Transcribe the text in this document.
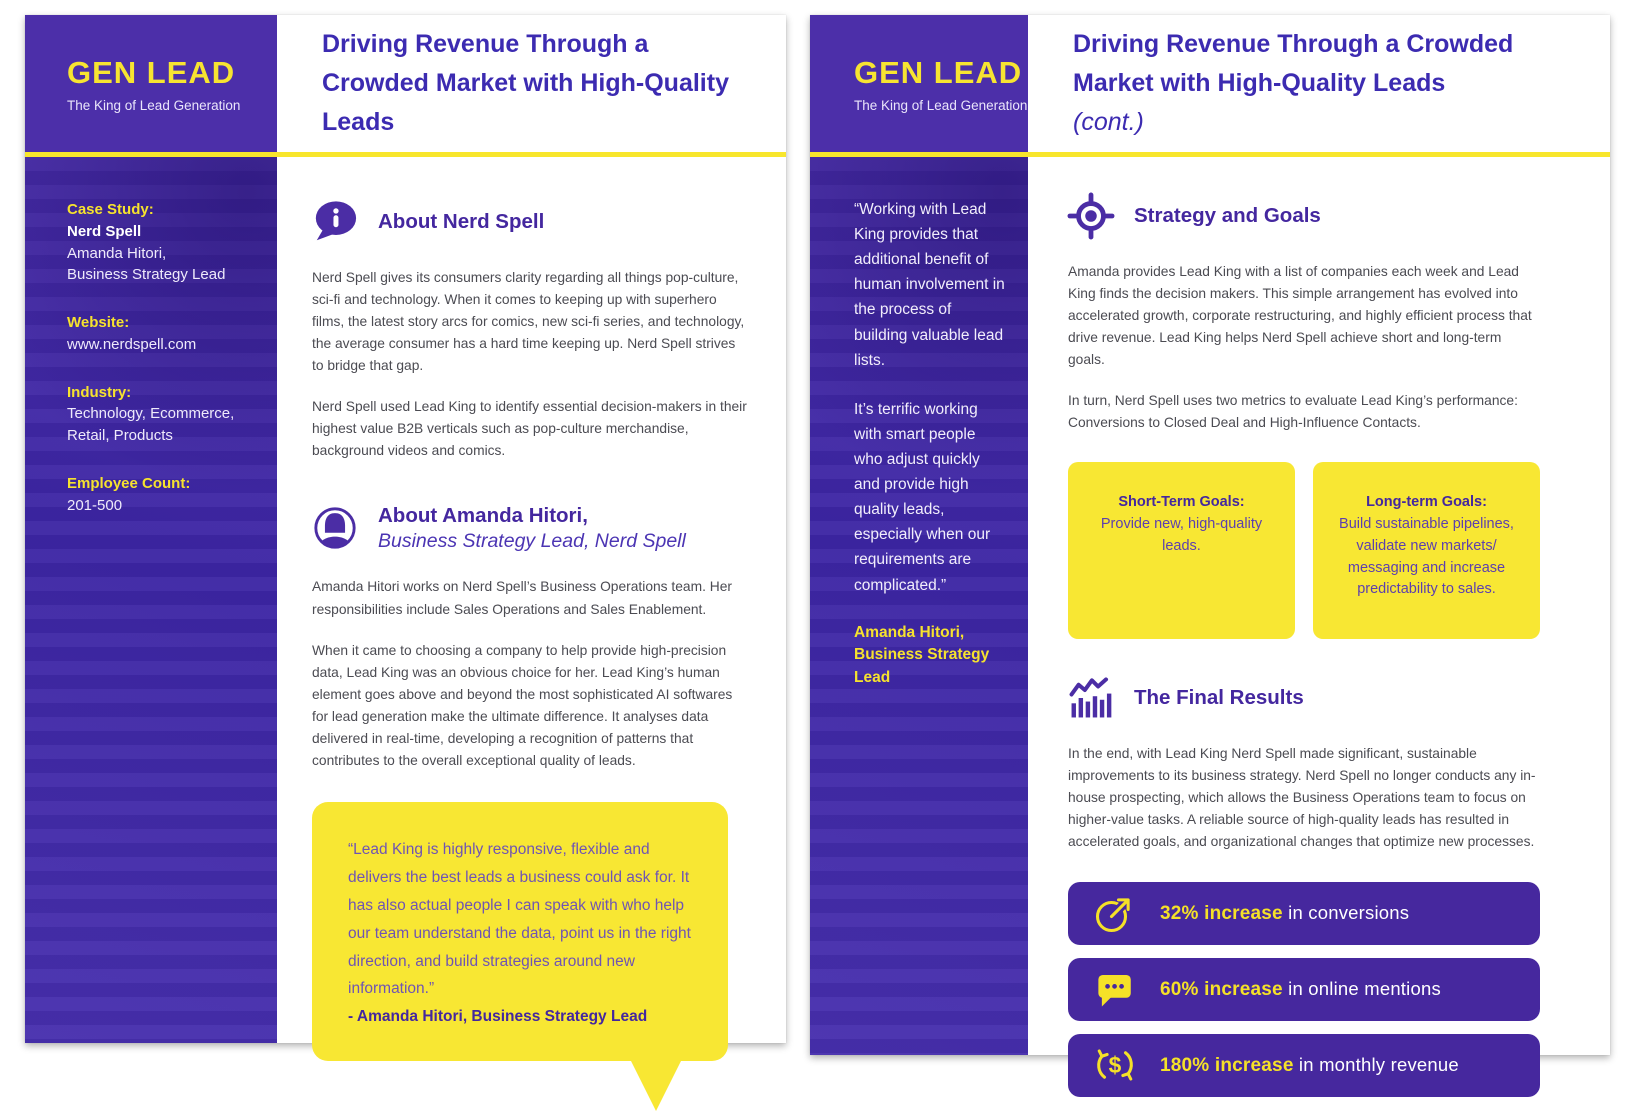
GEN LEAD
The King of Lead Generation
Driving Revenue Through a Crowded Market with High-Quality Leads
Case Study:
Nerd Spell
Amanda Hitori,
Business Strategy Lead
Website:
www.nerdspell.com
Industry:
Technology, Ecommerce, Retail, Products
Employee Count:
201-500
About Nerd Spell

Nerd Spell gives its consumers clarity regarding all things pop-culture, sci-fi and technology. When it comes to keeping up with superhero films, the latest story arcs for comics, new sci-fi series, and technology, the average consumer has a hard time keeping up. Nerd Spell strives to bridge that gap.

Nerd Spell used Lead King to identify essential decision-makers in their highest value B2B verticals such as pop-culture merchandise, background videos and comics.

About Amanda Hitori,
Business Strategy Lead, Nerd Spell

Amanda Hitori works on Nerd Spell’s Business Operations team. Her responsibilities include Sales Operations and Sales Enablement.

When it came to choosing a company to help provide high-precision data, Lead King was an obvious choice for her. Lead King’s human element goes above and beyond the most sophisticated AI softwares for lead generation make the ultimate difference. It analyses data delivered in real-time, developing a recognition of patterns that contributes to the overall exceptional quality of leads.

“Lead King is highly responsive, flexible and delivers the best leads a business could ask for. It has also actual people I can speak with who help our team understand the data, point us in the right direction, and build strategies around new information.”
- Amanda Hitori, Business Strategy Lead
GEN LEAD
The King of Lead Generation
Driving Revenue Through a Crowded Market with High-Quality Leads (cont.)

“Working with Lead King provides that additional benefit of human involvement in the process of building valuable lead lists.

It’s terrific working with smart people who adjust quickly and provide high quality leads, especially when our requirements are complicated.”

Amanda Hitori,
Business Strategy Lead
Strategy and Goals

Amanda provides Lead King with a list of companies each week and Lead King finds the decision makers. This simple arrangement has evolved into accelerated growth, corporate restructuring, and highly efficient process that drive revenue. Lead King helps Nerd Spell achieve short and long-term goals.

In turn, Nerd Spell uses two metrics to evaluate Lead King’s performance: Conversions to Closed Deal and High-Influence Contacts.

Short-Term Goals:
Provide new, high-quality leads.
Long-term Goals:
Build sustainable pipelines, validate new markets/ messaging and increase predictability to sales.
The Final Results

In the end, with Lead King Nerd Spell made significant, sustainable improvements to its business strategy. Nerd Spell no longer conducts any in-house prospecting, which allows the Business Operations team to focus on higher-value tasks. A reliable source of high-quality leads has resulted in accelerated goals, and organizational changes that optimize new processes.

32% increase in conversions
60% increase in online mentions
$ 180% increase in monthly revenue
